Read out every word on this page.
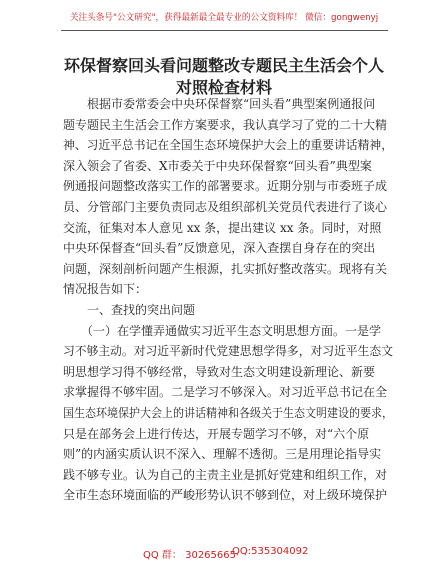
关注头条号"公文研究"，获得最新最全最专业的公文资料库！ 微信：gongwenyj
环保督察回头看问题整改专题民主生活会个人
对照检查材料
　　根据市委常委会中央环保督察“回头看”典型案例通报问
题专题民主生活会工作方案要求，我认真学习了党的二十大精
神、习近平总书记在全国生态环境保护大会上的重要讲话精神，
深入领会了省委、X市委关于中央环保督察“回头看”典型案
例通报问题整改落实工作的部署要求。近期分别与市委班子成
员、分管部门主要负责同志及组织部机关党员代表进行了谈心
交流，征集对本人意见 xx 条，提出建议 xx 条。同时，对照
中央环保督查“回头看”反馈意见，深入查摆自身存在的突出
问题，深刻剖析问题产生根源，扎实抓好整改落实。现将有关
情况报告如下：
　　一、查找的突出问题
　　（一）在学懂弄通做实习近平生态文明思想方面。一是学
习不够主动。对习近平新时代党建思想学得多，对习近平生态文
明思想学习得不够经常，导致对生态文明建设新理论、新要
求掌握得不够牢固。二是学习不够深入。对习近平总书记在全
国生态环境保护大会上的讲话精神和各级关于生态文明建设的要求，
只是在部务会上进行传达，开展专题学习不够，对“六个原
则”的内涵实质认识不深入、理解不透彻。三是用理论指导实
践不够专业。认为自己的主责主业是抓好党建和组织工作，对
全市生态环境面临的严峻形势认识不够到位，对上级环境保护
QQ 群： 30265665
QQ:535304092
